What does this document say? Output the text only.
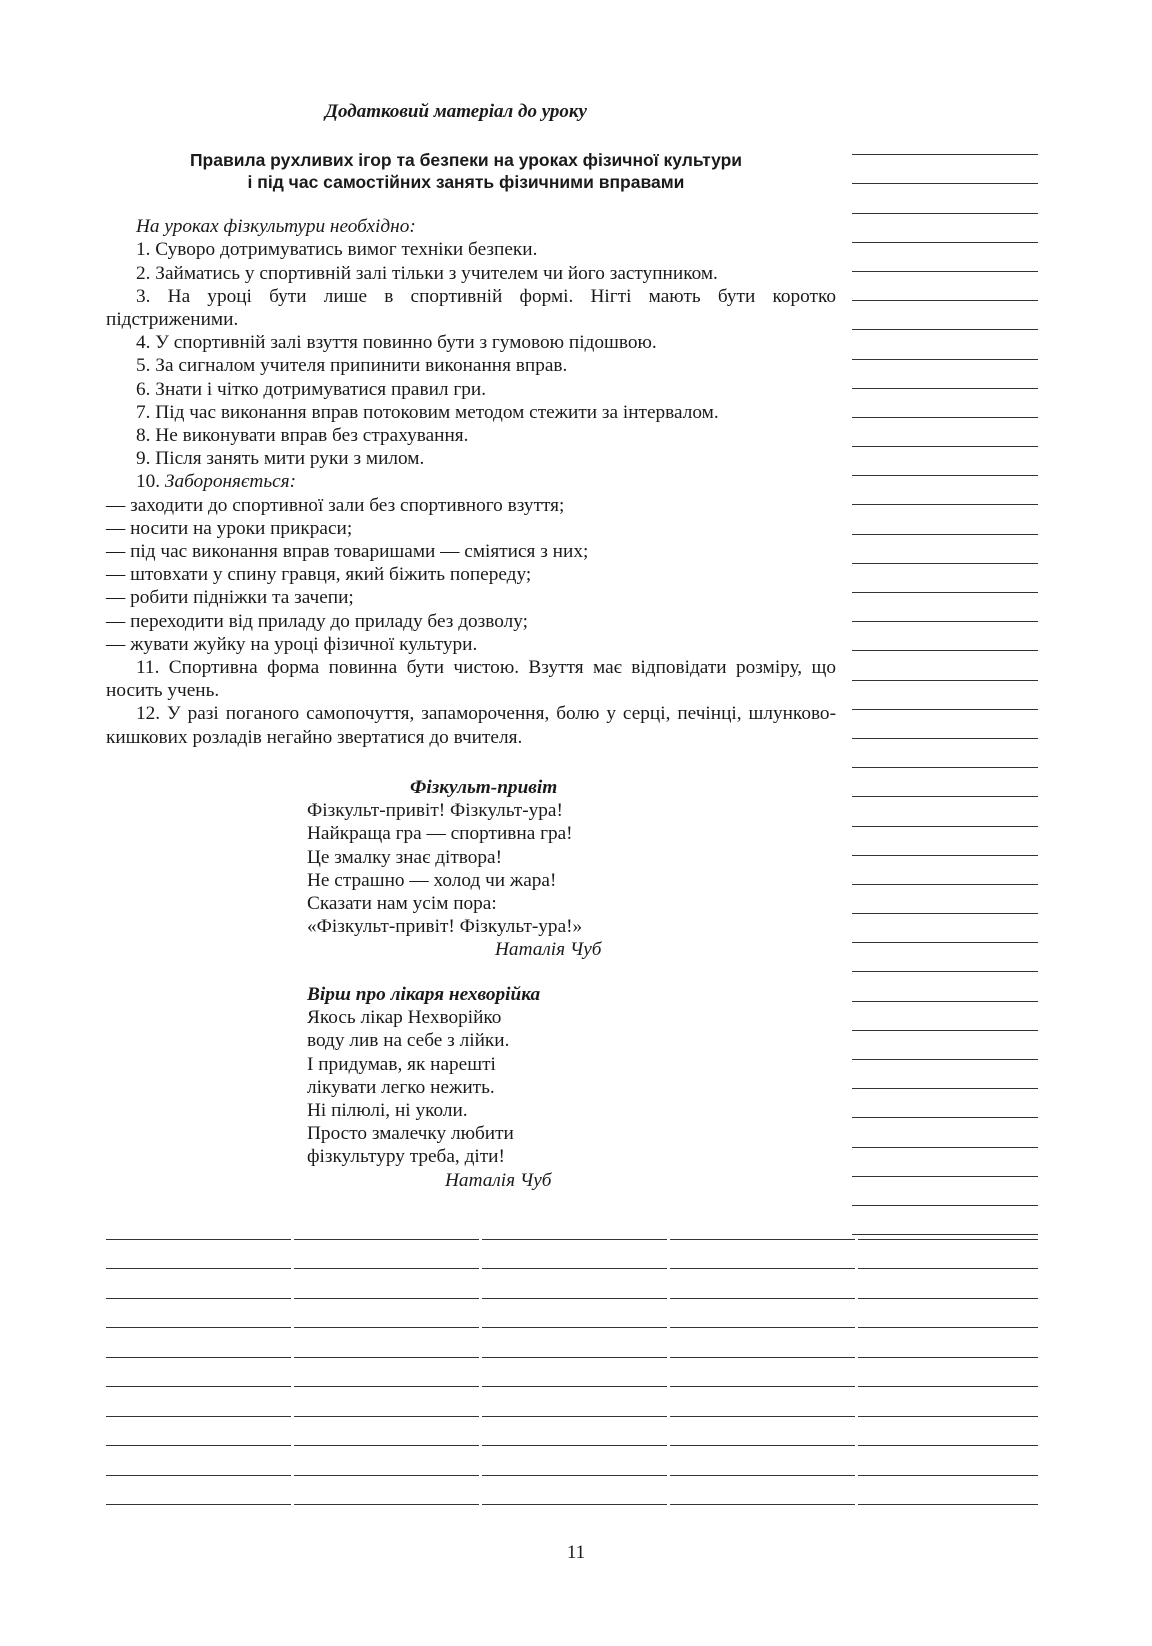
Додатковий матеріал до уроку
Правила рухливих ігор та безпеки на уроках фізичної культури
і під час самостійних занять фізичними вправами

На уроках фізкультури необхідно:

1. Суворо дотримуватись вимог техніки безпеки.

2. Займатись у спортивній залі тільки з учителем чи його заступником.

3. На уроці бути лише в спортивній формі. Нігті мають бути коротко підстриженими.

4. У спортивній залі взуття повинно бути з гумовою підошвою.

5. За сигналом учителя припинити виконання вправ.

6. Знати і чітко дотримуватися правил гри.

7. Під час виконання вправ потоковим методом стежити за інтервалом.

8. Не виконувати вправ без страхування.

9. Після занять мити руки з милом.

10. Забороняється:

— заходити до спортивної зали без спортивного взуття;

— носити на уроки прикраси;

— під час виконання вправ товаришами — сміятися з них;

— штовхати у спину гравця, який біжить попереду;

— робити підніжки та зачепи;

— переходити від приладу до приладу без дозволу;

— жувати жуйку на уроці фізичної культури.

11. Спортивна форма повинна бути чистою. Взуття має відповідати розміру, що носить учень.

12. У разі поганого самопочуття, запаморочення, болю у серці, печінці, шлунково-кишкових розладів негайно звертатися до вчителя.

Фізкульт-привіт
Фізкульт-привіт! Фізкульт-ура!
Найкраща гра — спортивна гра!
Це змалку знає дітвора!
Не страшно — холод чи жара!
Сказати нам усім пора:
«Фізкульт-привіт! Фізкульт-ура!»
Наталія Чуб
Вірш про лікаря нехворійка
Якось лікар Нехворійко
воду лив на себе з лійки.
І придумав, як нарешті
лікувати легко нежить.
Ні пілюлі, ні уколи.
Просто змалечку любити
фізкультуру треба, діти!
Наталія Чуб
11
